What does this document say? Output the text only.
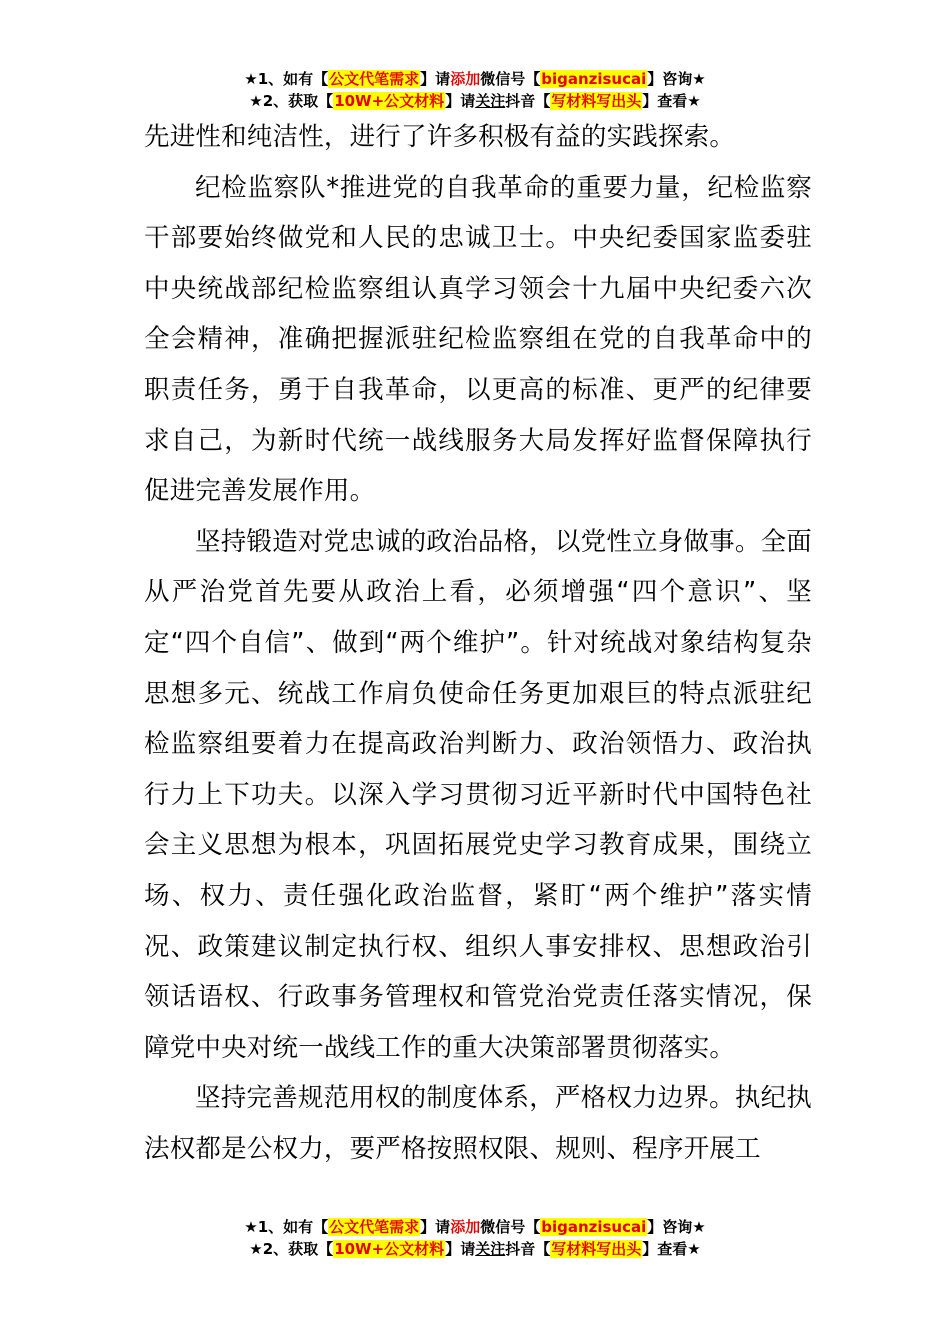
★1、如有【公文代笔需求】请添加微信号【biganzisucai】咨询★
★2、获取【10W+公文材料】请关注抖音【写材料写出头】查看★

先进性和纯洁性，进行了许多积极有益的实践探索。

纪检监察队*推进党的自我革命的重要力量，纪检监察干部要始终做党和人民的忠诚卫士。中央纪委国家监委驻中央统战部纪检监察组认真学习领会十九届中央纪委六次全会精神，准确把握派驻纪检监察组在党的自我革命中的职责任务，勇于自我革命，以更高的标准、更严的纪律要求自己，为新时代统一战线服务大局发挥好监督保障执行促进完善发展作用。

坚持锻造对党忠诚的政治品格，以党性立身做事。全面从严治党首先要从政治上看，必须增强“四个意识”、坚定“四个自信”、做到“两个维护”。针对统战对象结构复杂思想多元、统战工作肩负使命任务更加艰巨的特点派驻纪检监察组要着力在提高政治判断力、政治领悟力、政治执行力上下功夫。以深入学习贯彻习近平新时代中国特色社会主义思想为根本，巩固拓展党史学习教育成果，围绕立场、权力、责任强化政治监督，紧盯“两个维护”落实情况、政策建议制定执行权、组织人事安排权、思想政治引领话语权、行政事务管理权和管党治党责任落实情况，保障党中央对统一战线工作的重大决策部署贯彻落实。

坚持完善规范用权的制度体系，严格权力边界。执纪执法权都是公权力，要严格按照权限、规则、程序开展工

★1、如有【公文代笔需求】请添加微信号【biganzisucai】咨询★
★2、获取【10W+公文材料】请关注抖音【写材料写出头】查看★
